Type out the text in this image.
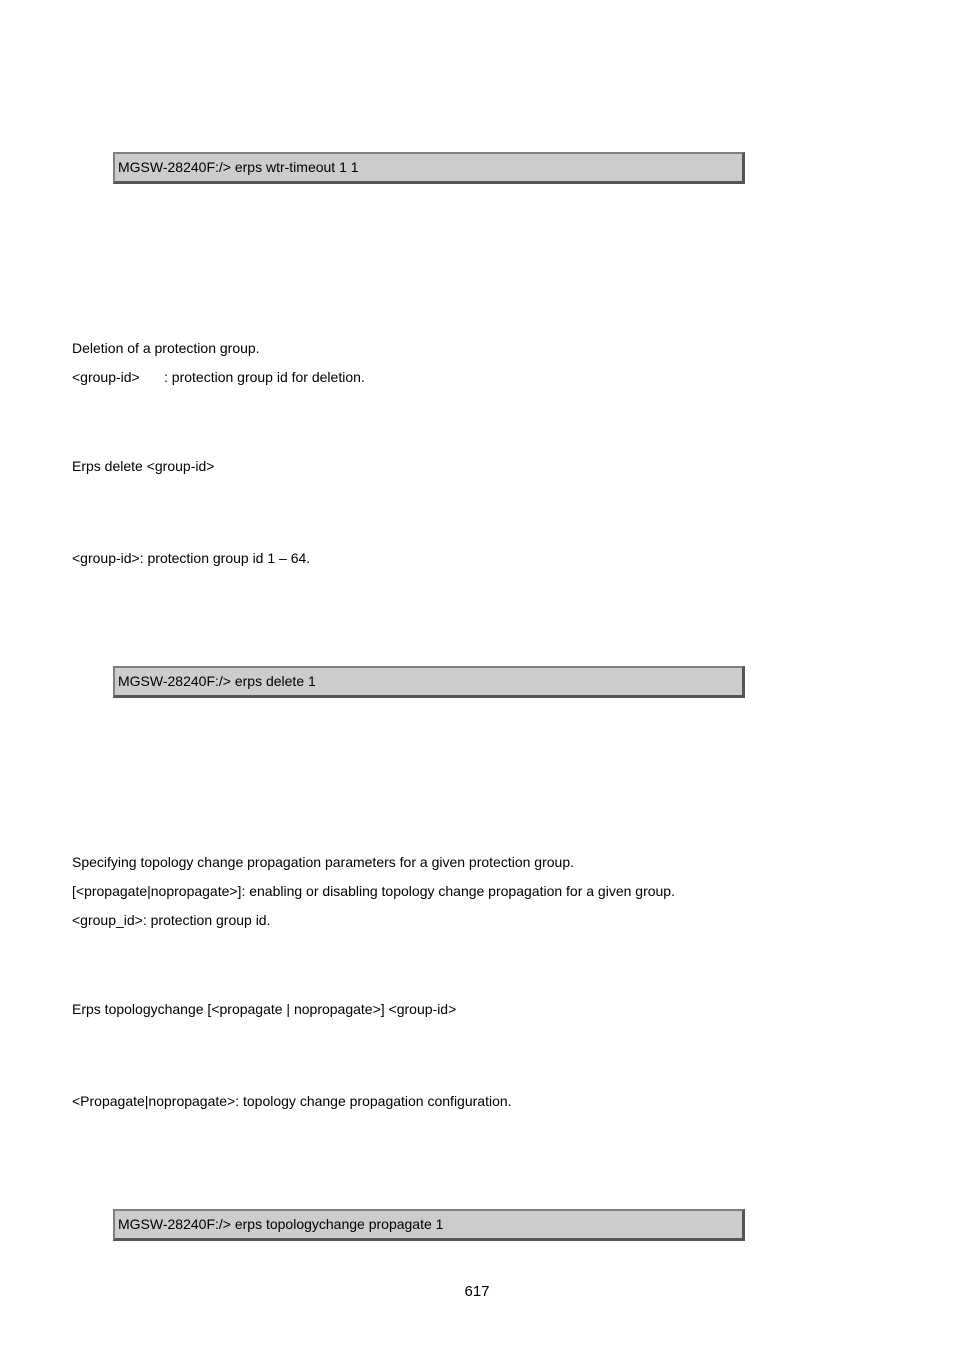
MGSW-28240F:/> erps wtr-timeout 1 1
Deletion of a protection group.
<group-id> : protection group id for deletion.
Erps delete <group-id>
<group-id>: protection group id 1 – 64.
MGSW-28240F:/> erps delete 1
Specifying topology change propagation parameters for a given protection group.
[<propagate|nopropagate>]: enabling or disabling topology change propagation for a given group.
<group_id>: protection group id.
Erps topologychange [<propagate | nopropagate>] <group-id>
<Propagate|nopropagate>: topology change propagation configuration.
MGSW-28240F:/> erps topologychange propagate 1
617
